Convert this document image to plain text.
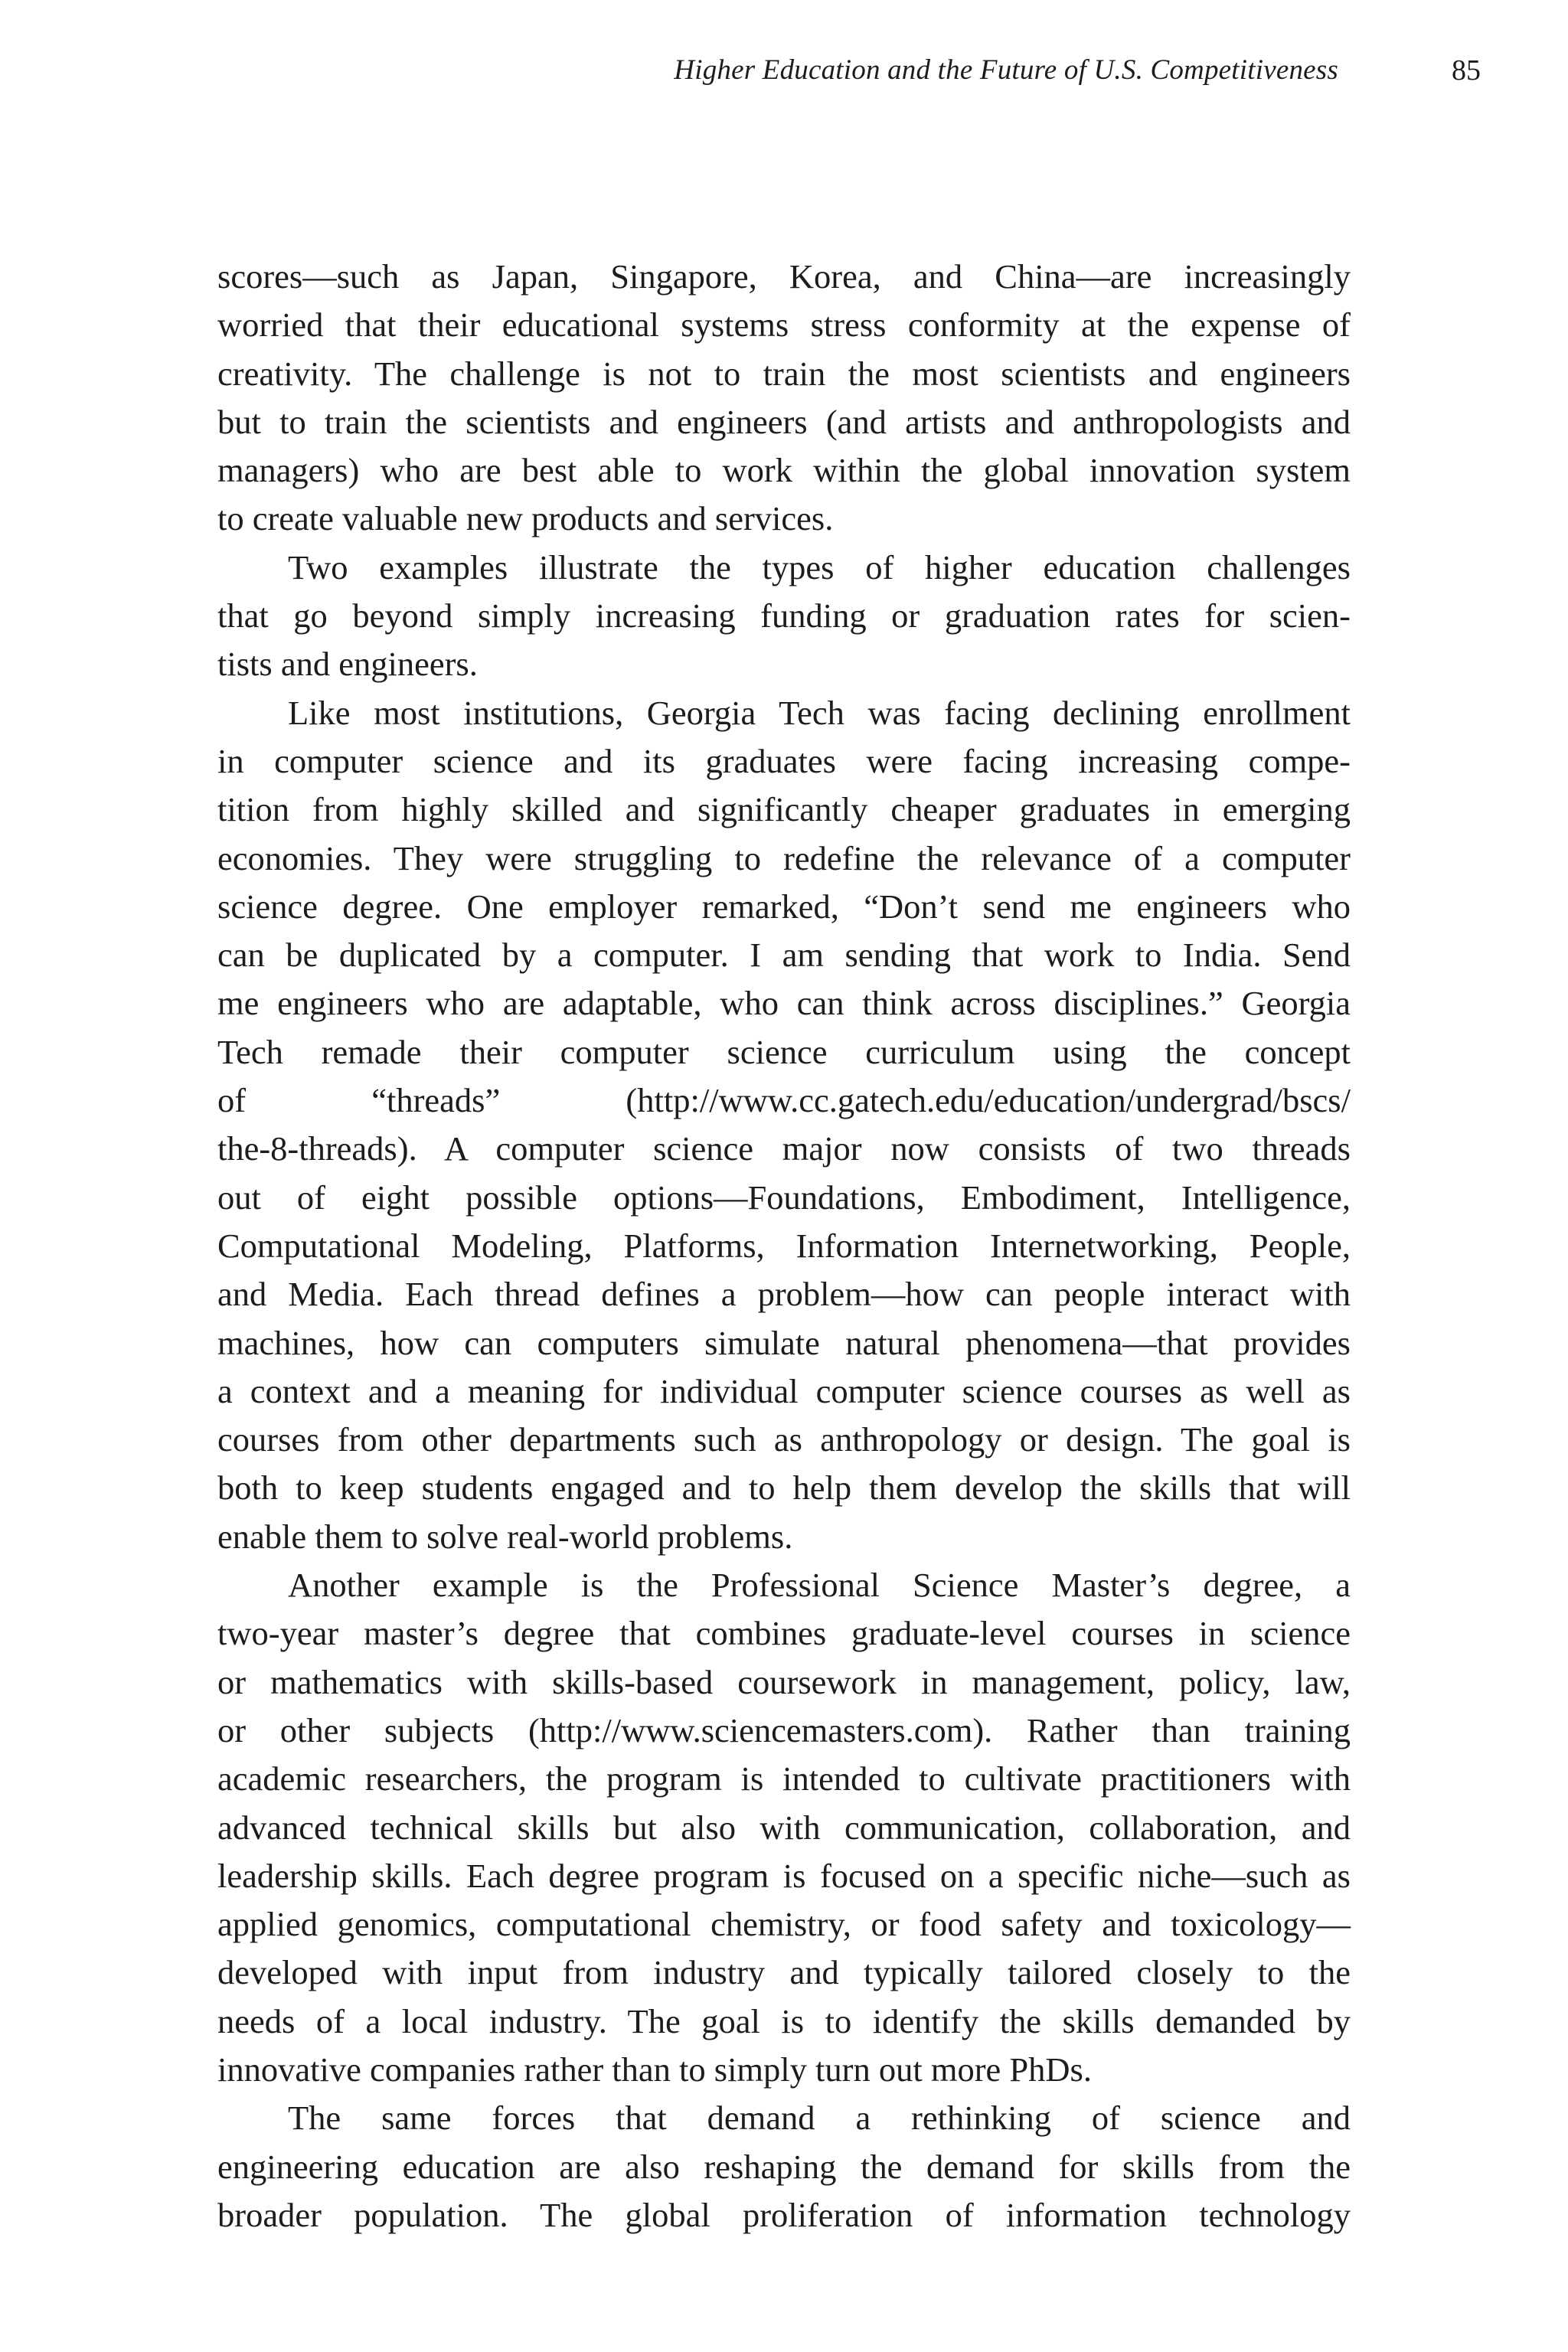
Higher Education and the Future of U.S. Competitiveness	85
scores—such as Japan, Singapore, Korea, and China—are increasingly
worried that their educational systems stress conformity at the expense of
creativity. The challenge is not to train the most scientists and engineers
but to train the scientists and engineers (and artists and anthropologists and
managers) who are best able to work within the global innovation system
to create valuable new products and services.
Two examples illustrate the types of higher education challenges
that go beyond simply increasing funding or graduation rates for scien-
tists and engineers.
Like most institutions, Georgia Tech was facing declining enrollment
in computer science and its graduates were facing increasing compe-
tition from highly skilled and significantly cheaper graduates in emerging
economies. They were struggling to redefine the relevance of a computer
science degree. One employer remarked, “Don’t send me engineers who
can be duplicated by a computer. I am sending that work to India. Send
me engineers who are adaptable, who can think across disciplines.” Georgia
Tech remade their computer science curriculum using the concept
of “threads” (http://www.cc.gatech.edu/education/undergrad/bscs/
the-8-threads). A computer science major now consists of two threads
out of eight possible options—Foundations, Embodiment, Intelligence,
Computational Modeling, Platforms, Information Internetworking, People,
and Media. Each thread defines a problem—how can people interact with
machines, how can computers simulate natural phenomena—that provides
a context and a meaning for individual computer science courses as well as
courses from other departments such as anthropology or design. The goal is
both to keep students engaged and to help them develop the skills that will
enable them to solve real-world problems.
Another example is the Professional Science Master’s degree, a
two-year master’s degree that combines graduate-level courses in science
or mathematics with skills-based coursework in management, policy, law,
or other subjects (http://www.sciencemasters.com). Rather than training
academic researchers, the program is intended to cultivate practitioners with
advanced technical skills but also with communication, collaboration, and
leadership skills. Each degree program is focused on a specific niche—such as
applied genomics, computational chemistry, or food safety and toxicology—
developed with input from industry and typically tailored closely to the
needs of a local industry. The goal is to identify the skills demanded by
innovative companies rather than to simply turn out more PhDs.
The same forces that demand a rethinking of science and
engineering education are also reshaping the demand for skills from the
broader population. The global proliferation of information technology
